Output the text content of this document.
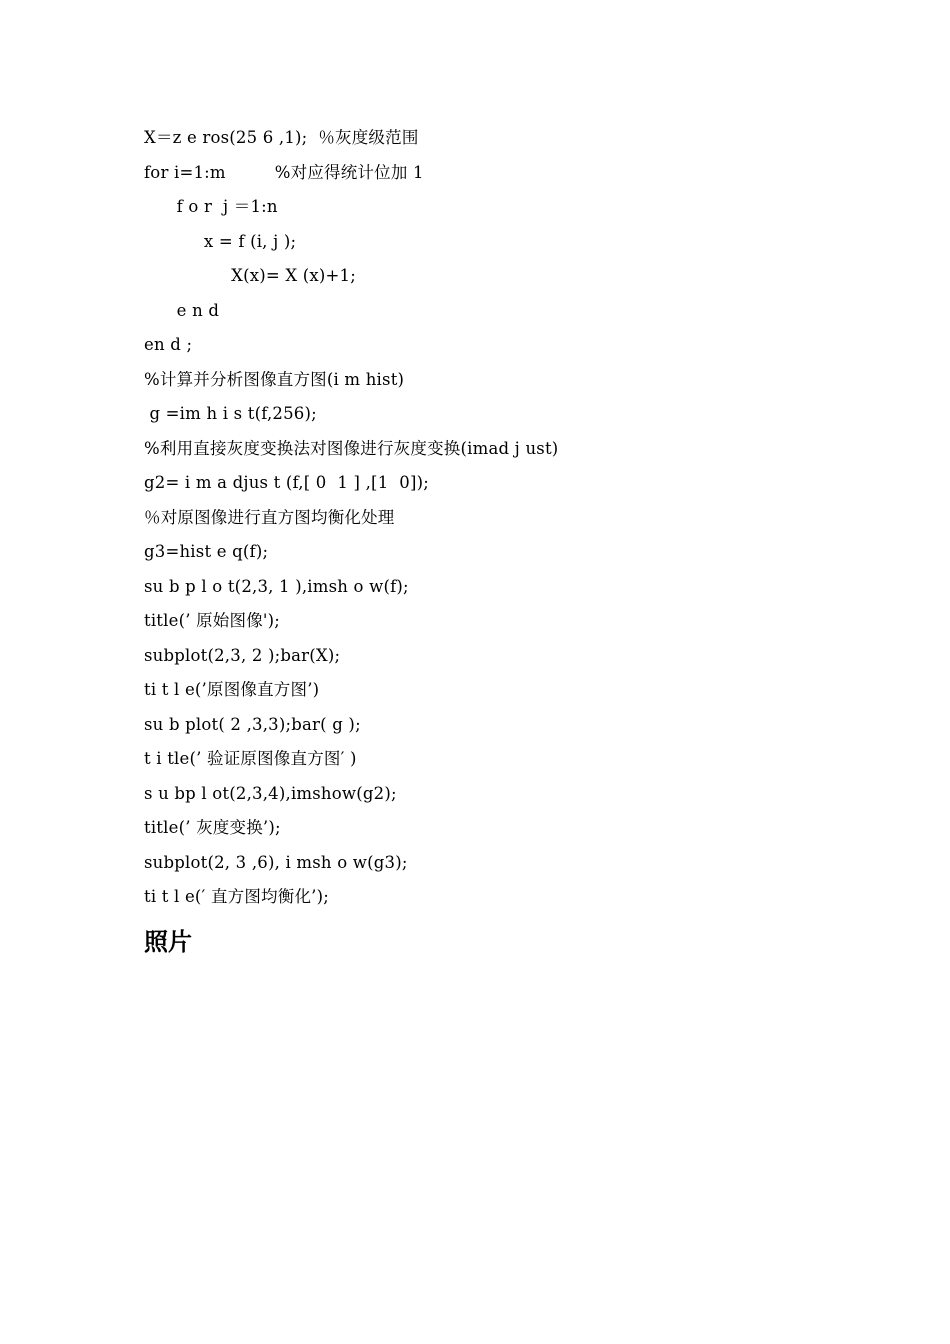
X＝z e ros(25 6 ,1);  ％灰度级范围
for i=1:m         %对应得统计位加 1
f o r  j ＝1:n
x = f (i, j );
X(x)= X (x)+1;
e n d
en d ;
%计算并分析图像直方图(i m hist)
g =im h i s t(f,256);
%利用直接灰度变换法对图像进行灰度变换(imad j ust)
g2= i m a djus t (f,[ 0  1 ] ,[1  0]);
％对原图像进行直方图均衡化处理
g3=hist e q(f);
su b p l o t(2,3, 1 ),imsh o w(f);
title(’ 原始图像');
subplot(2,3, 2 );bar(X);
ti t l e(’原图像直方图’)
su b plot( 2 ,3,3);bar( g );
t i tle(’ 验证原图像直方图′ )
s u bp l ot(2,3,4),imshow(g2);
title(’ 灰度变换’);
subplot(2, 3 ,6), i msh o w(g3);
ti t l e(′ 直方图均衡化’);
照片
